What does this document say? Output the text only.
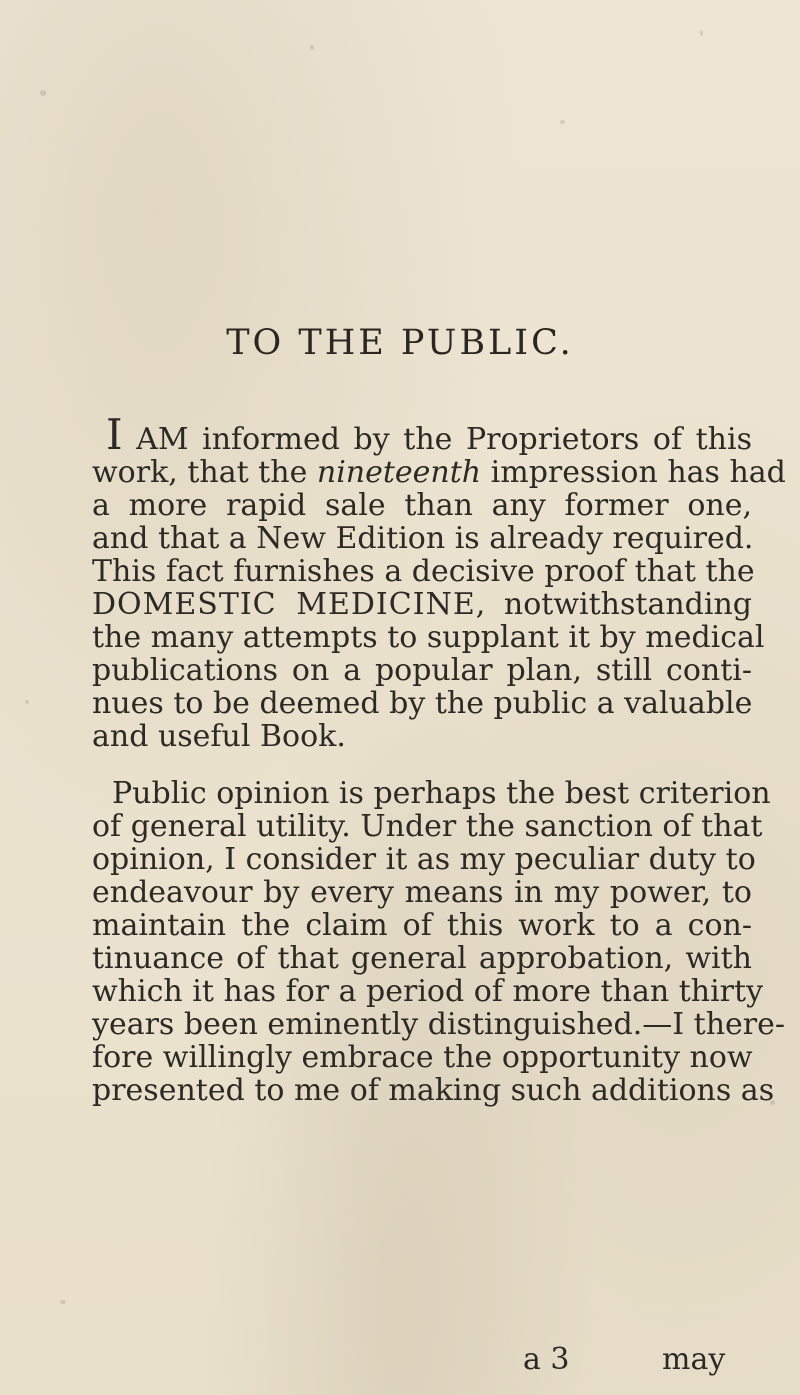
TO THE PUBLIC.
I AM informed by the Proprietors of this
work, that the nineteenth impression has had
a more rapid sale than any former one,
and that a New Edition is already required.
This fact furnishes a decisive proof that the
DOMESTIC MEDICINE, notwithstanding
the many attempts to supplant it by medical
publications on a popular plan, still conti-
nues to be deemed by the public a valuable
and useful Book.
Public opinion is perhaps the best criterion
of general utility. Under the sanction of that
opinion, I consider it as my peculiar duty to
endeavour by every means in my power, to
maintain the claim of this work to a con-
tinuance of that general approbation, with
which it has for a period of more than thirty
years been eminently distinguished.—I there-
fore willingly embrace the opportunity now
presented to me of making such additions as
a 3	may
